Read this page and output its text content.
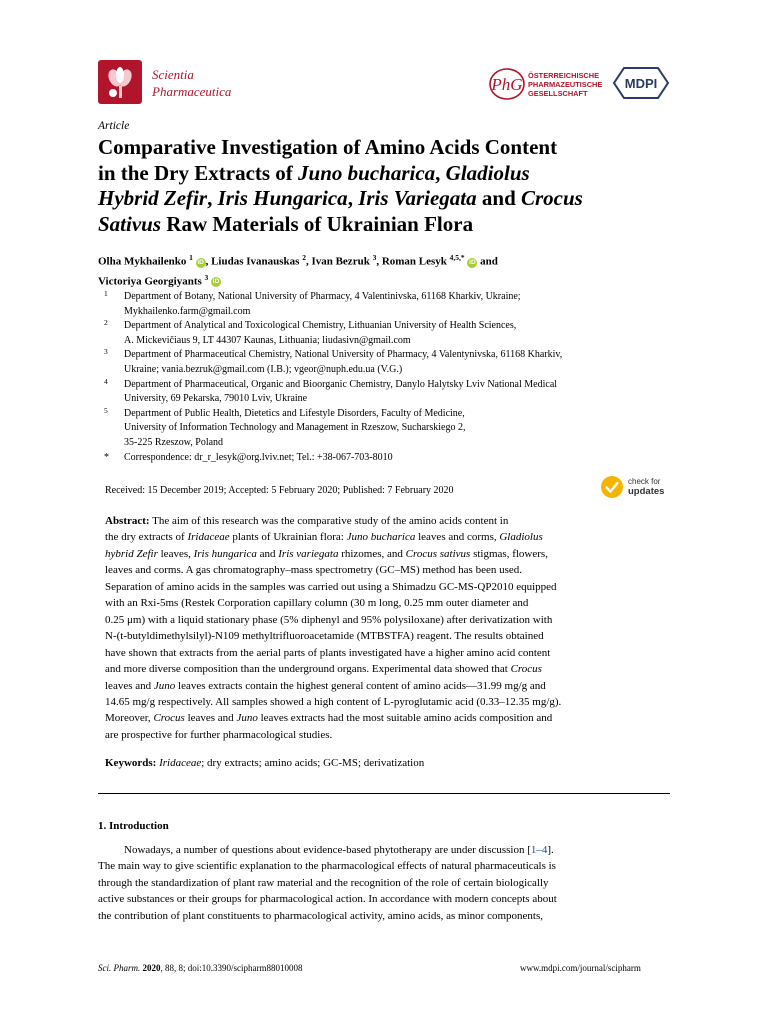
Scientia
Pharmaceutica	PhG ÖSTERREICHISCHE
PHARMAZEUTISCHE
GESELLSCHAFT
MDPI
Article
Comparative Investigation of Amino Acids Content
in the Dry Extracts of Juno bucharica, Gladiolus
Hybrid Zefir, Iris Hungarica, Iris Variegata and Crocus
Sativus Raw Materials of Ukrainian Flora
Olha Mykhailenko $^1$ iD , Liudas Ivanauskas $^2$, Ivan Bezruk $^3$, Roman Lesyk $^{4,5,*}$ iD and
Victoriya Georgiyants $^3$ iD
1 Department of Botany, National University of Pharmacy, 4 Valentinivska, 61168 Kharkiv, Ukraine;
Mykhailenko.farm@gmail.com
2 Department of Analytical and Toxicological Chemistry, Lithuanian University of Health Sciences,
A. Mickevičiaus 9, LT 44307 Kaunas, Lithuania; liudasivn@gmail.com
3 Department of Pharmaceutical Chemistry, National University of Pharmacy, 4 Valentynivska, 61168 Kharkiv,
Ukraine; vania.bezruk@gmail.com (I.B.); vgeor@nuph.edu.ua (V.G.)
4 Department of Pharmaceutical, Organic and Bioorganic Chemistry, Danylo Halytsky Lviv National Medical
University, 69 Pekarska, 79010 Lviv, Ukraine
5 Department of Public Health, Dietetics and Lifestyle Disorders, Faculty of Medicine,
University of Information Technology and Management in Rzeszow, Sucharskiego 2,
35-225 Rzeszow, Poland
* Correspondence: dr_r_lesyk@org.lviv.net; Tel.: +38-067-703-8010
Received: 15 December 2019; Accepted: 5 February 2020; Published: 7 February 2020
check for
updates
Abstract: The aim of this research was the comparative study of the amino acids content in
the dry extracts of Iridaceae plants of Ukrainian flora: Juno bucharica leaves and corms, Gladiolus
hybrid Zefir leaves, Iris hungarica and Iris variegata rhizomes, and Crocus sativus stigmas, flowers,
leaves and corms. A gas chromatography–mass spectrometry (GC–MS) method has been used.
Separation of amino acids in the samples was carried out using a Shimadzu GC-MS-QP2010 equipped
with an Rxi-5ms (Restek Corporation capillary column (30 m long, 0.25 mm outer diameter and
0.25 μm) with a liquid stationary phase (5% diphenyl and 95% polysiloxane) after derivatization with
N-(t-butyldimethylsilyl)-N109 methyltrifluoroacetamide (MTBSTFA) reagent. The results obtained
have shown that extracts from the aerial parts of plants investigated have a higher amino acid content
and more diverse composition than the underground organs. Experimental data showed that Crocus
leaves and Juno leaves extracts contain the highest general content of amino acids—31.99 mg/g and
14.65 mg/g respectively. All samples showed a high content of L-pyroglutamic acid (0.33–12.35 mg/g).
Moreover, Crocus leaves and Juno leaves extracts had the most suitable amino acids composition and
are prospective for further pharmacological studies.
Keywords: Iridaceae; dry extracts; amino acids; GC-MS; derivatization
1. Introduction
Nowadays, a number of questions about evidence-based phytotherapy are under discussion [1–4].
The main way to give scientific explanation to the pharmacological effects of natural pharmaceuticals is
through the standardization of plant raw material and the recognition of the role of certain biologically
active substances or their groups for pharmacological action. In accordance with modern concepts about
the contribution of plant constituents to pharmacological activity, amino acids, as minor components,
Sci. Pharm. 2020, 88, 8; doi:10.3390/scipharm88010008	www.mdpi.com/journal/scipharm
